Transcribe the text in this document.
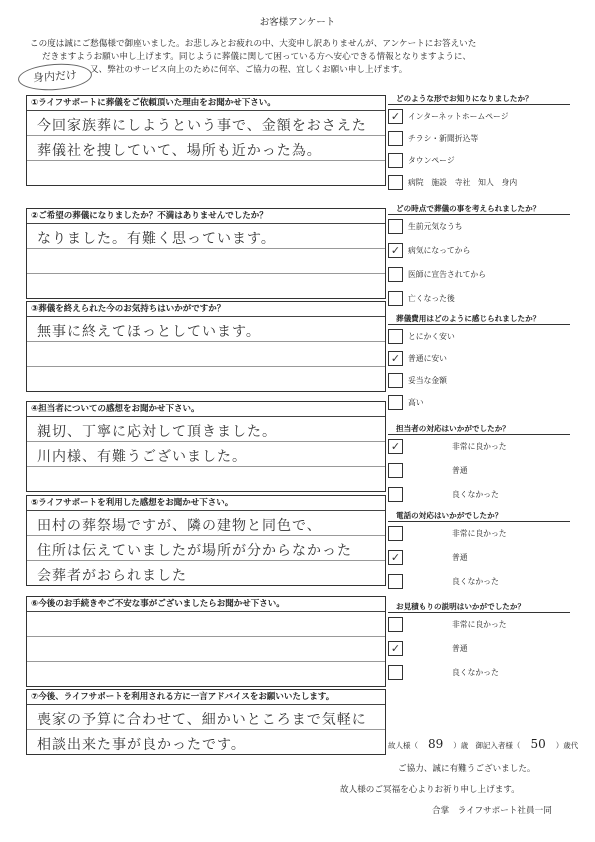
お客様アンケート
この度は誠にご愁傷様で御座いました。お悲しみとお疲れの中、大変申し訳ありませんが、アンケートにお答えいた
だきますようお願い申し上げます。同じように葬儀に関して困っている方へ安心できる情報となりますように、
又、弊社のサービス向上のために何卒、ご協力の程、宜しくお願い申し上げます。
身内だけ
①ライフサポートに葬儀をご依頼頂いた理由をお聞かせ下さい。
今回家族葬にしようという事で、金額をおさえた
葬儀社を捜していて、場所も近かった為。
②ご希望の葬儀になりましたか？不満はありませんでしたか？
なりました。有難く思っています。
③葬儀を終えられた今のお気持ちはいかがですか？
無事に終えてほっとしています。
④担当者についての感想をお聞かせ下さい。
親切、丁寧に応対して頂きました。
川内様、有難うございました。
⑤ライフサポートを利用した感想をお聞かせ下さい。
田村の葬祭場ですが、隣の建物と同色で、
住所は伝えていましたが場所が分からなかった
会葬者がおられました
⑥今後のお手続きやご不安な事がございましたらお聞かせ下さい。
⑦今後、ライフサポートを利用される方に一言アドバイスをお願いいたします。
喪家の予算に合わせて、細かいところまで気軽に
相談出来た事が良かったです。
どのような形でお知りになりましたか？
✓	インターネットホームページ
チラシ・新聞折込等
タウンページ
病院　施設　寺社　知人　身内
どの時点で葬儀の事を考えられましたか？
生前元気なうち
✓	病気になってから
医師に宣告されてから
亡くなった後
葬儀費用はどのように感じられましたか？
とにかく安い
✓	普通に安い
妥当な金額
高い
担当者の対応はいかがでしたか？
✓	非常に良かった
普通
良くなかった
電話の対応はいかがでしたか？
非常に良かった
✓	普通
良くなかった
お見積もりの説明はいかがでしたか？
非常に良かった
✓	普通
良くなかった
故人様（ 89 ）歳 御記入者様（ 50 ）歳代
ご協力、誠に有難うございました。
故人様のご冥福を心よりお祈り申し上げます。
合掌　ライフサポート社員一同
